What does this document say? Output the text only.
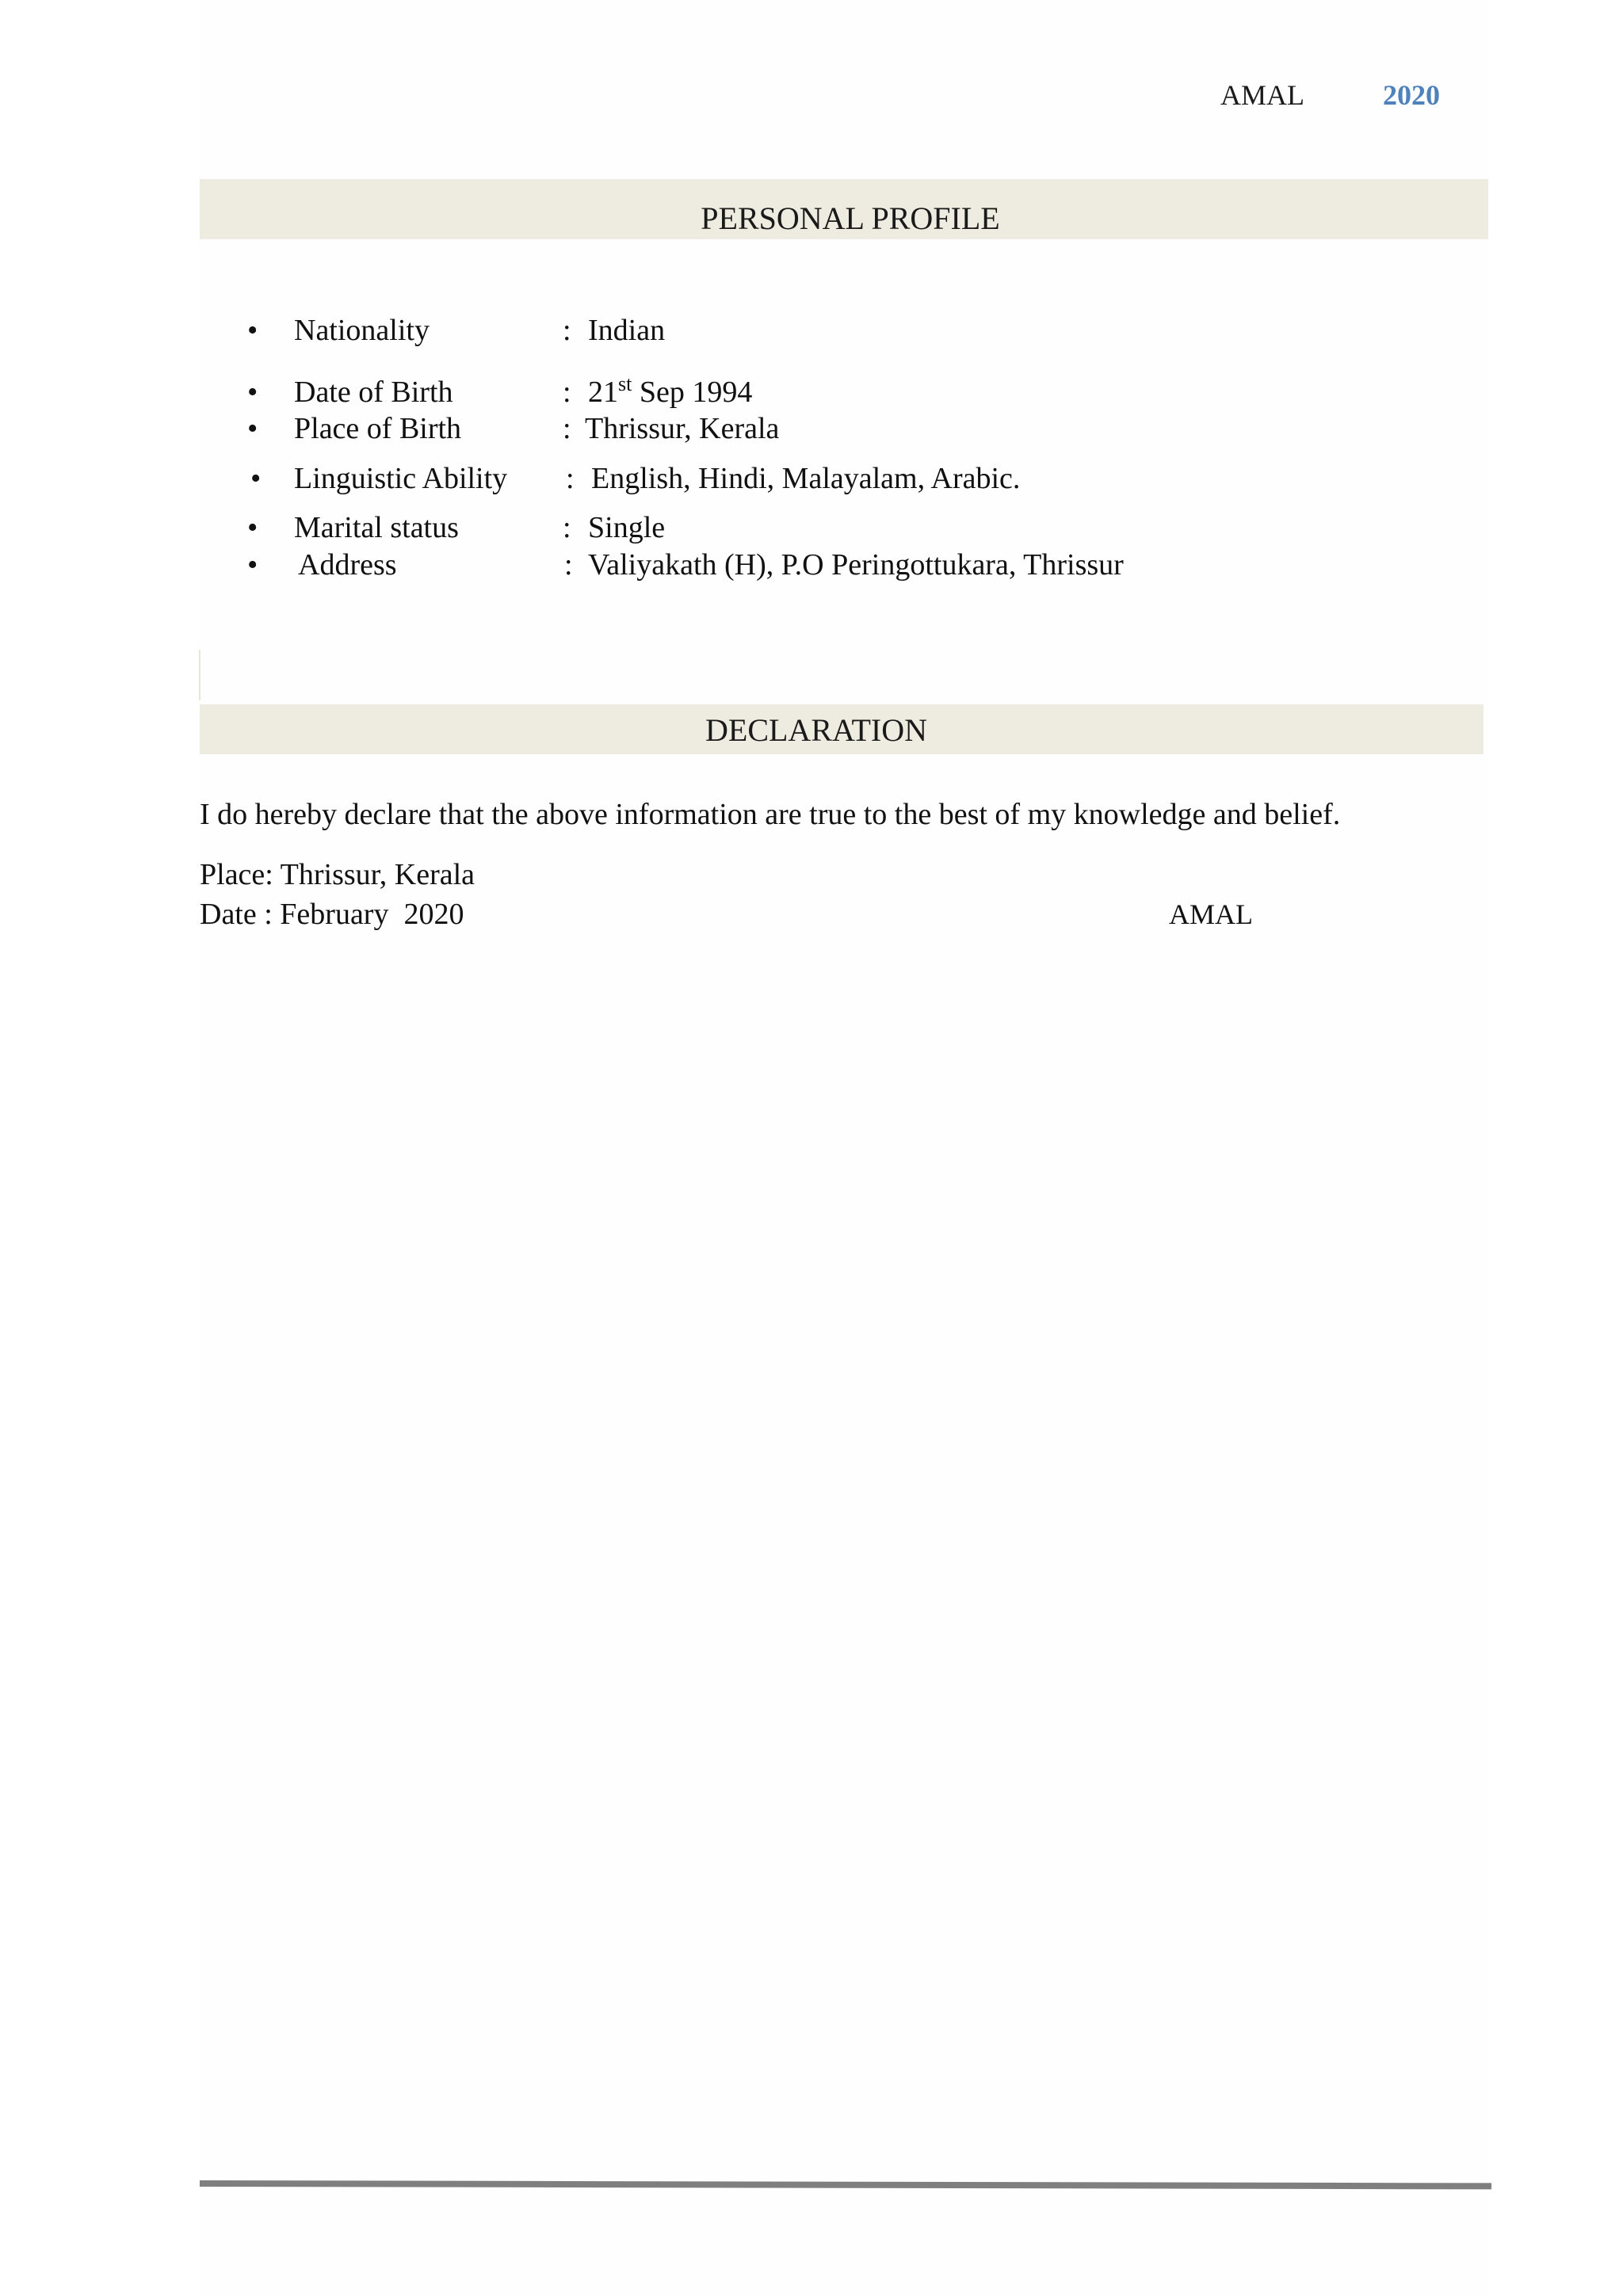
AMAL	2020
PERSONAL PROFILE
•	Nationality	: Indian
•	Date of Birth	: 21st Sep 1994
•	Place of Birth	: Thrissur, Kerala
•	Linguistic Ability : English, Hindi, Malayalam, Arabic.
•	Marital status	: Single
•	Address	: Valiyakath (H), P.O Peringottukara, Thrissur
DECLARATION
I do hereby declare that the above information are true to the best of my knowledge and belief.
Place: Thrissur, Kerala
Date : February  2020	AMAL
